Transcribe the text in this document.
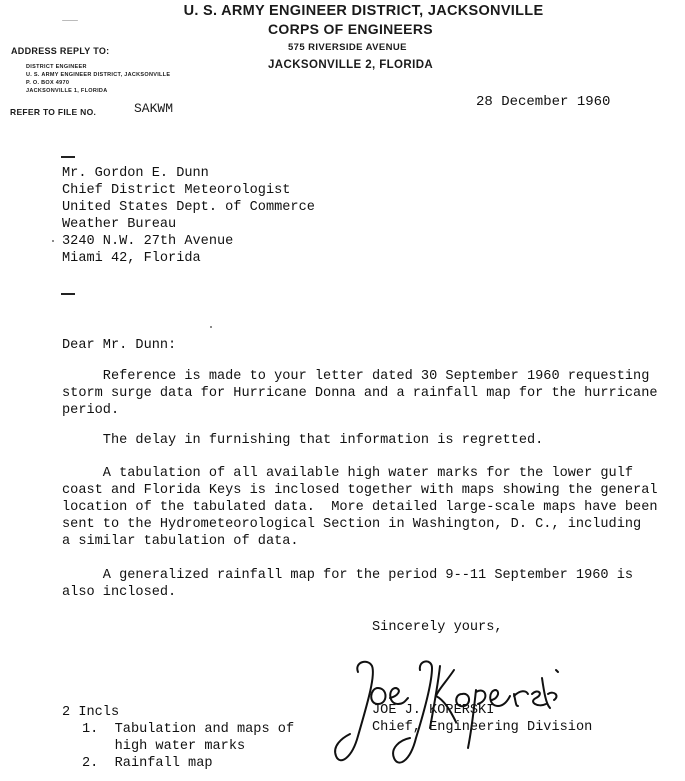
U. S. ARMY ENGINEER DISTRICT, JACKSONVILLE
CORPS OF ENGINEERS
575 RIVERSIDE AVENUE
JACKSONVILLE 2, FLORIDA
ADDRESS REPLY TO:
DISTRICT ENGINEER
U. S. ARMY ENGINEER DISTRICT, JACKSONVILLE
P. O. BOX 4970
JACKSONVILLE 1, FLORIDA
REFER TO FILE NO.	SAKWM	28 December 1960
Mr. Gordon E. Dunn
Chief District Meteorologist
United States Dept. of Commerce
Weather Bureau
3240 N.W. 27th Avenue
Miami 42, Florida
Dear Mr. Dunn:
Reference is made to your letter dated 30 September 1960 requesting
storm surge data for Hurricane Donna and a rainfall map for the hurricane
period.
The delay in furnishing that information is regretted.
A tabulation of all available high water marks for the lower gulf
coast and Florida Keys is inclosed together with maps showing the general
location of the tabulated data.  More detailed large-scale maps have been
sent to the Hydrometeorological Section in Washington, D. C., including
a similar tabulation of data.
A generalized rainfall map for the period 9--11 September 1960 is
also inclosed.
Sincerely yours,
JOE J. KOPERSKI
Chief, Engineering Division
2 Incls
1.  Tabulation and maps of
high water marks
2.  Rainfall map
